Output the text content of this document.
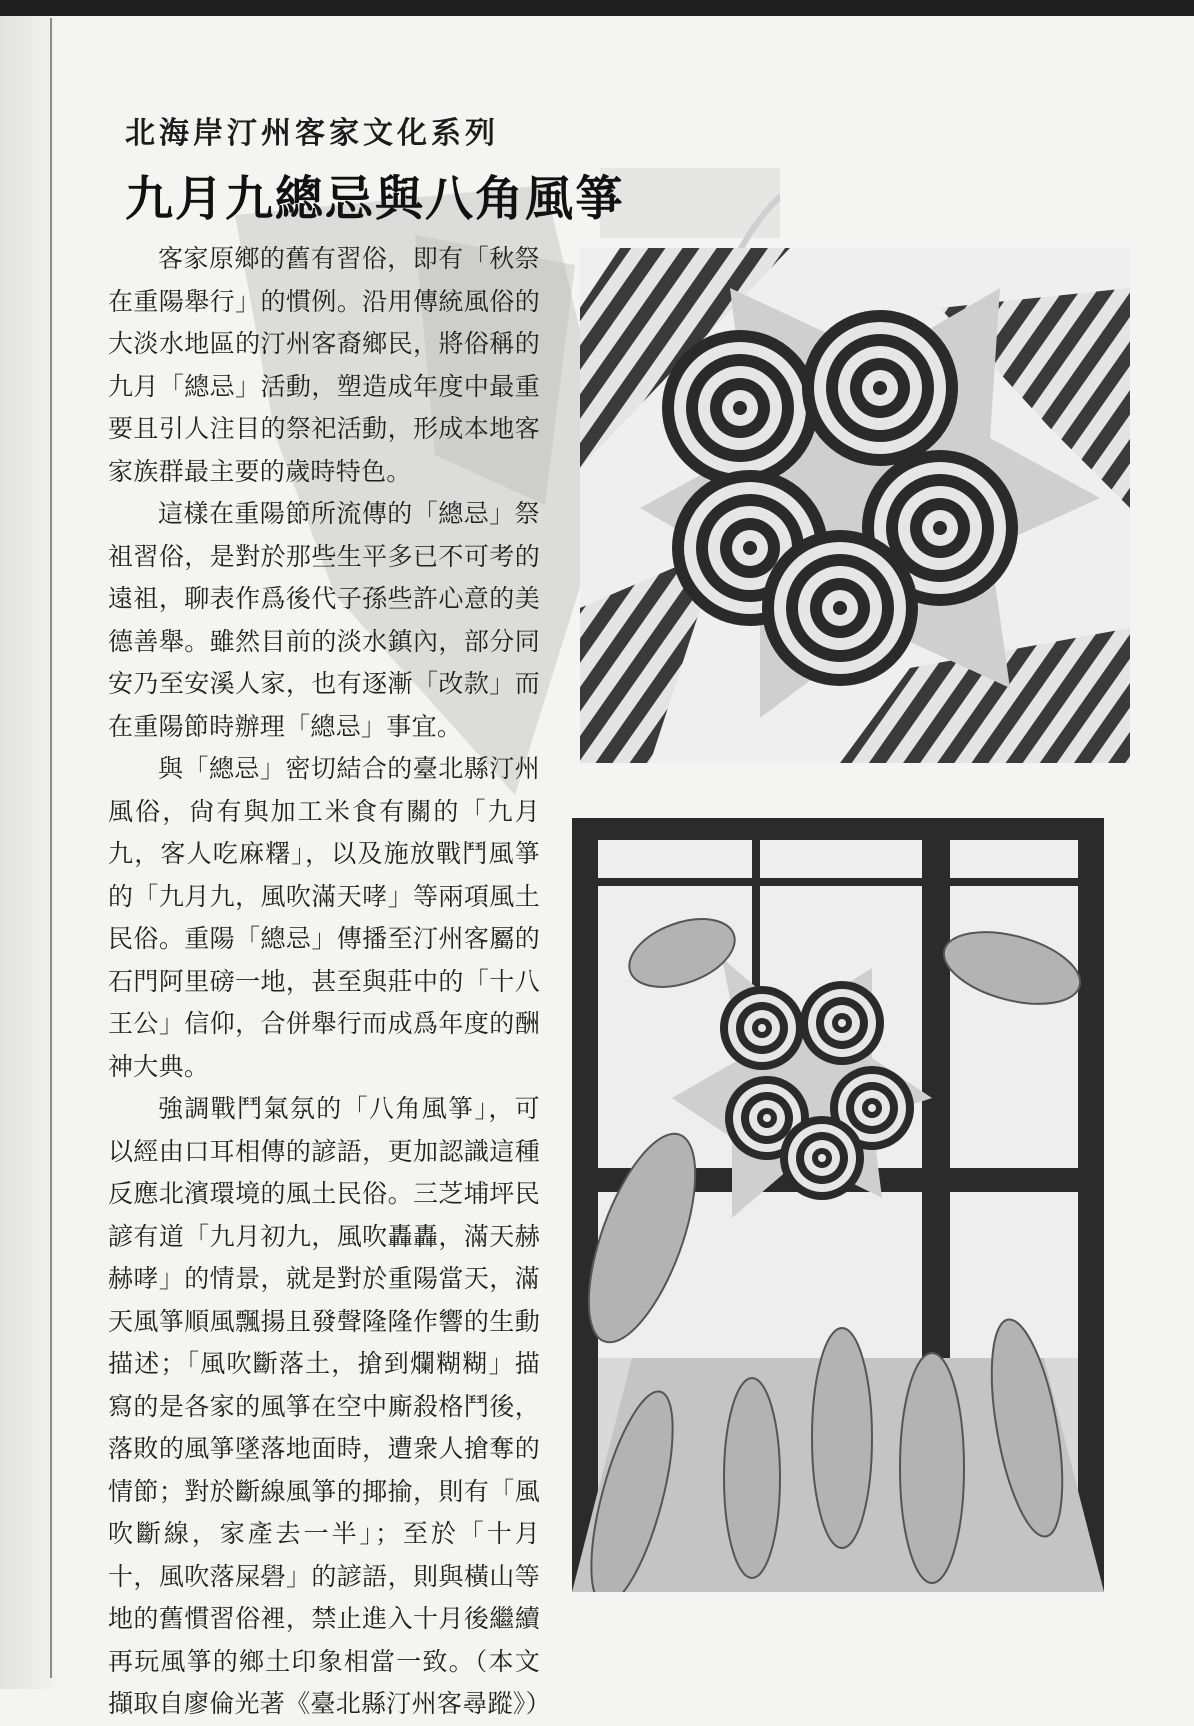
北海岸汀州客家文化系列
九月九總忌與八角風箏

客家原鄉的舊有習俗，即有「秋祭在重陽舉行」的慣例。沿用傳統風俗的大淡水地區的汀州客裔鄉民，將俗稱的九月「總忌」活動，塑造成年度中最重要且引人注目的祭祀活動，形成本地客家族群最主要的歲時特色。

這樣在重陽節所流傳的「總忌」祭祖習俗，是對於那些生平多已不可考的遠祖，聊表作爲後代子孫些許心意的美德善舉。雖然目前的淡水鎮內，部分同安乃至安溪人家，也有逐漸「改款」而在重陽節時辦理「總忌」事宜。

與「總忌」密切結合的臺北縣汀州風俗，尙有與加工米食有關的「九月九，客人吃麻糬」，以及施放戰鬥風箏的「九月九，風吹滿天哮」等兩項風土民俗。重陽「總忌」傳播至汀州客屬的石門阿里磅一地，甚至與莊中的「十八王公」信仰，合併舉行而成爲年度的酬神大典。

強調戰鬥氣氛的「八角風箏」，可以經由口耳相傳的諺語，更加認識這種反應北濱環境的風土民俗。三芝埔坪民諺有道「九月初九，風吹轟轟，滿天赫赫哮」的情景，就是對於重陽當天，滿天風箏順風飄揚且發聲隆隆作響的生動描述；「風吹斷落土，搶到爛糊糊」描寫的是各家的風箏在空中廝殺格鬥後，落敗的風箏墜落地面時，遭衆人搶奪的情節；對於斷線風箏的揶揄，則有「風吹斷線，家產去一半」；至於「十月十，風吹落屎礐」的諺語，則與橫山等地的舊慣習俗裡，禁止進入十月後繼續再玩風箏的鄉土印象相當一致。（本文擷取自廖倫光著《臺北縣汀州客尋蹤》）
